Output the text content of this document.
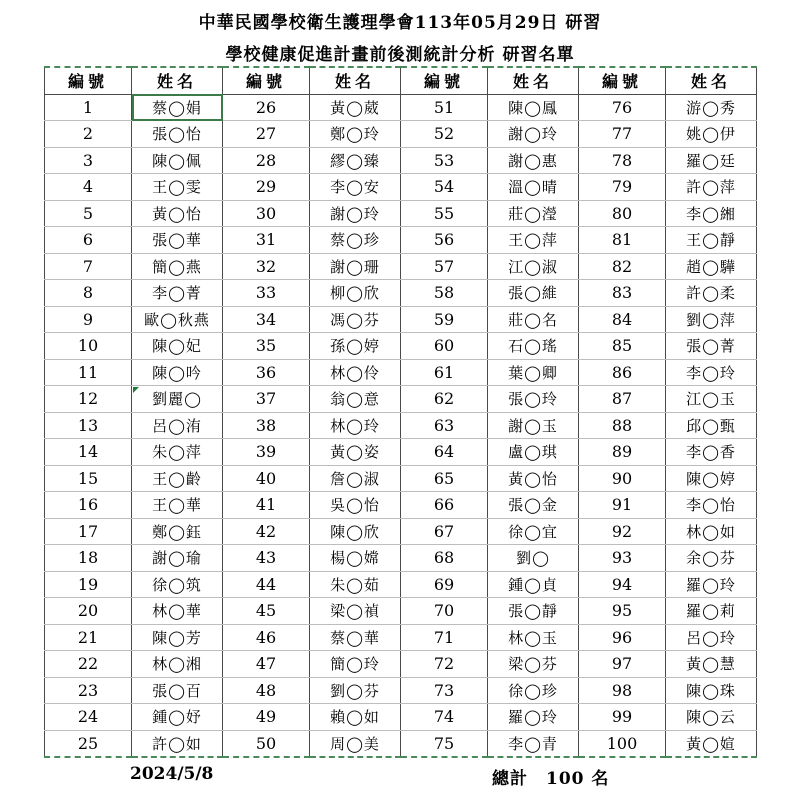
中華民國學校衛生護理學會113年05月29日 研習
學校健康促進計畫前後測統計分析 研習名單
編號	姓名	編號	姓名	編號	姓名	編號	姓名
1	蔡◯娟	26	黃◯葳	51	陳◯鳳	76	游◯秀
2	張◯怡	27	鄭◯玲	52	謝◯玲	77	姚◯伊
3	陳◯佩	28	繆◯臻	53	謝◯惠	78	羅◯廷
4	王◯雯	29	李◯安	54	溫◯晴	79	許◯萍
5	黃◯怡	30	謝◯玲	55	莊◯瀅	80	李◯緗
6	張◯華	31	蔡◯珍	56	王◯萍	81	王◯靜
7	簡◯燕	32	謝◯珊	57	江◯淑	82	趙◯驊
8	李◯菁	33	柳◯欣	58	張◯維	83	許◯柔
9	歐◯秋燕	34	馮◯芬	59	莊◯名	84	劉◯萍
10	陳◯妃	35	孫◯婷	60	石◯瑤	85	張◯菁
11	陳◯吟	36	林◯伶	61	葉◯卿	86	李◯玲
12	劉麗◯	37	翁◯意	62	張◯玲	87	江◯玉
13	呂◯洧	38	林◯玲	63	謝◯玉	88	邱◯甄
14	朱◯萍	39	黃◯姿	64	盧◯琪	89	李◯香
15	王◯齡	40	詹◯淑	65	黃◯怡	90	陳◯婷
16	王◯華	41	吳◯怡	66	張◯金	91	李◯怡
17	鄭◯鈺	42	陳◯欣	67	徐◯宜	92	林◯如
18	謝◯瑜	43	楊◯嫦	68	劉◯	93	余◯芬
19	徐◯筑	44	朱◯茹	69	鍾◯貞	94	羅◯玲
20	林◯華	45	梁◯禎	70	張◯靜	95	羅◯莉
21	陳◯芳	46	蔡◯華	71	林◯玉	96	呂◯玲
22	林◯湘	47	簡◯玲	72	梁◯芬	97	黃◯慧
23	張◯百	48	劉◯芬	73	徐◯珍	98	陳◯珠
24	鍾◯妤	49	賴◯如	74	羅◯玲	99	陳◯云
25	許◯如	50	周◯美	75	李◯青	100	黃◯媗
2024/5/8	總計　100 名
